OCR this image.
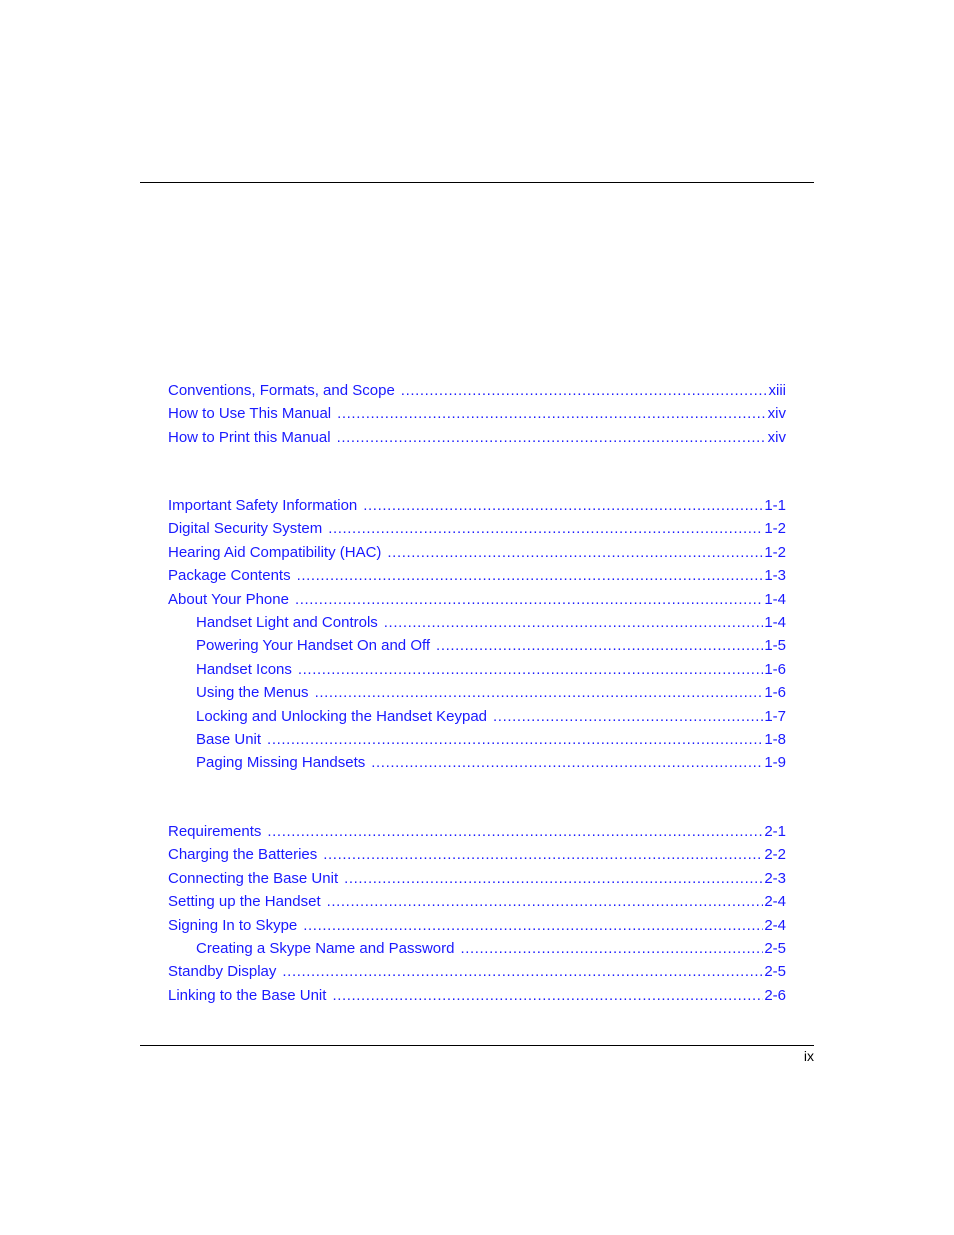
Conventions, Formats, and Scope .....	xiii
How to Use This Manual .....	xiv
How to Print this Manual .....	xiv
Important Safety Information .....	1-1
Digital Security System .....	1-2
Hearing Aid Compatibility (HAC) .....	1-2
Package Contents .....	1-3
About Your Phone .....	1-4
Handset Light and Controls .....	1-4
Powering Your Handset On and Off .....	1-5
Handset Icons .....	1-6
Using the Menus .....	1-6
Locking and Unlocking the Handset Keypad .....	1-7
Base Unit .....	1-8
Paging Missing Handsets .....	1-9
Requirements .....	2-1
Charging the Batteries .....	2-2
Connecting the Base Unit .....	2-3
Setting up the Handset .....	2-4
Signing In to Skype .....	2-4
Creating a Skype Name and Password .....	2-5
Standby Display .....	2-5
Linking to the Base Unit .....	2-6
ix
